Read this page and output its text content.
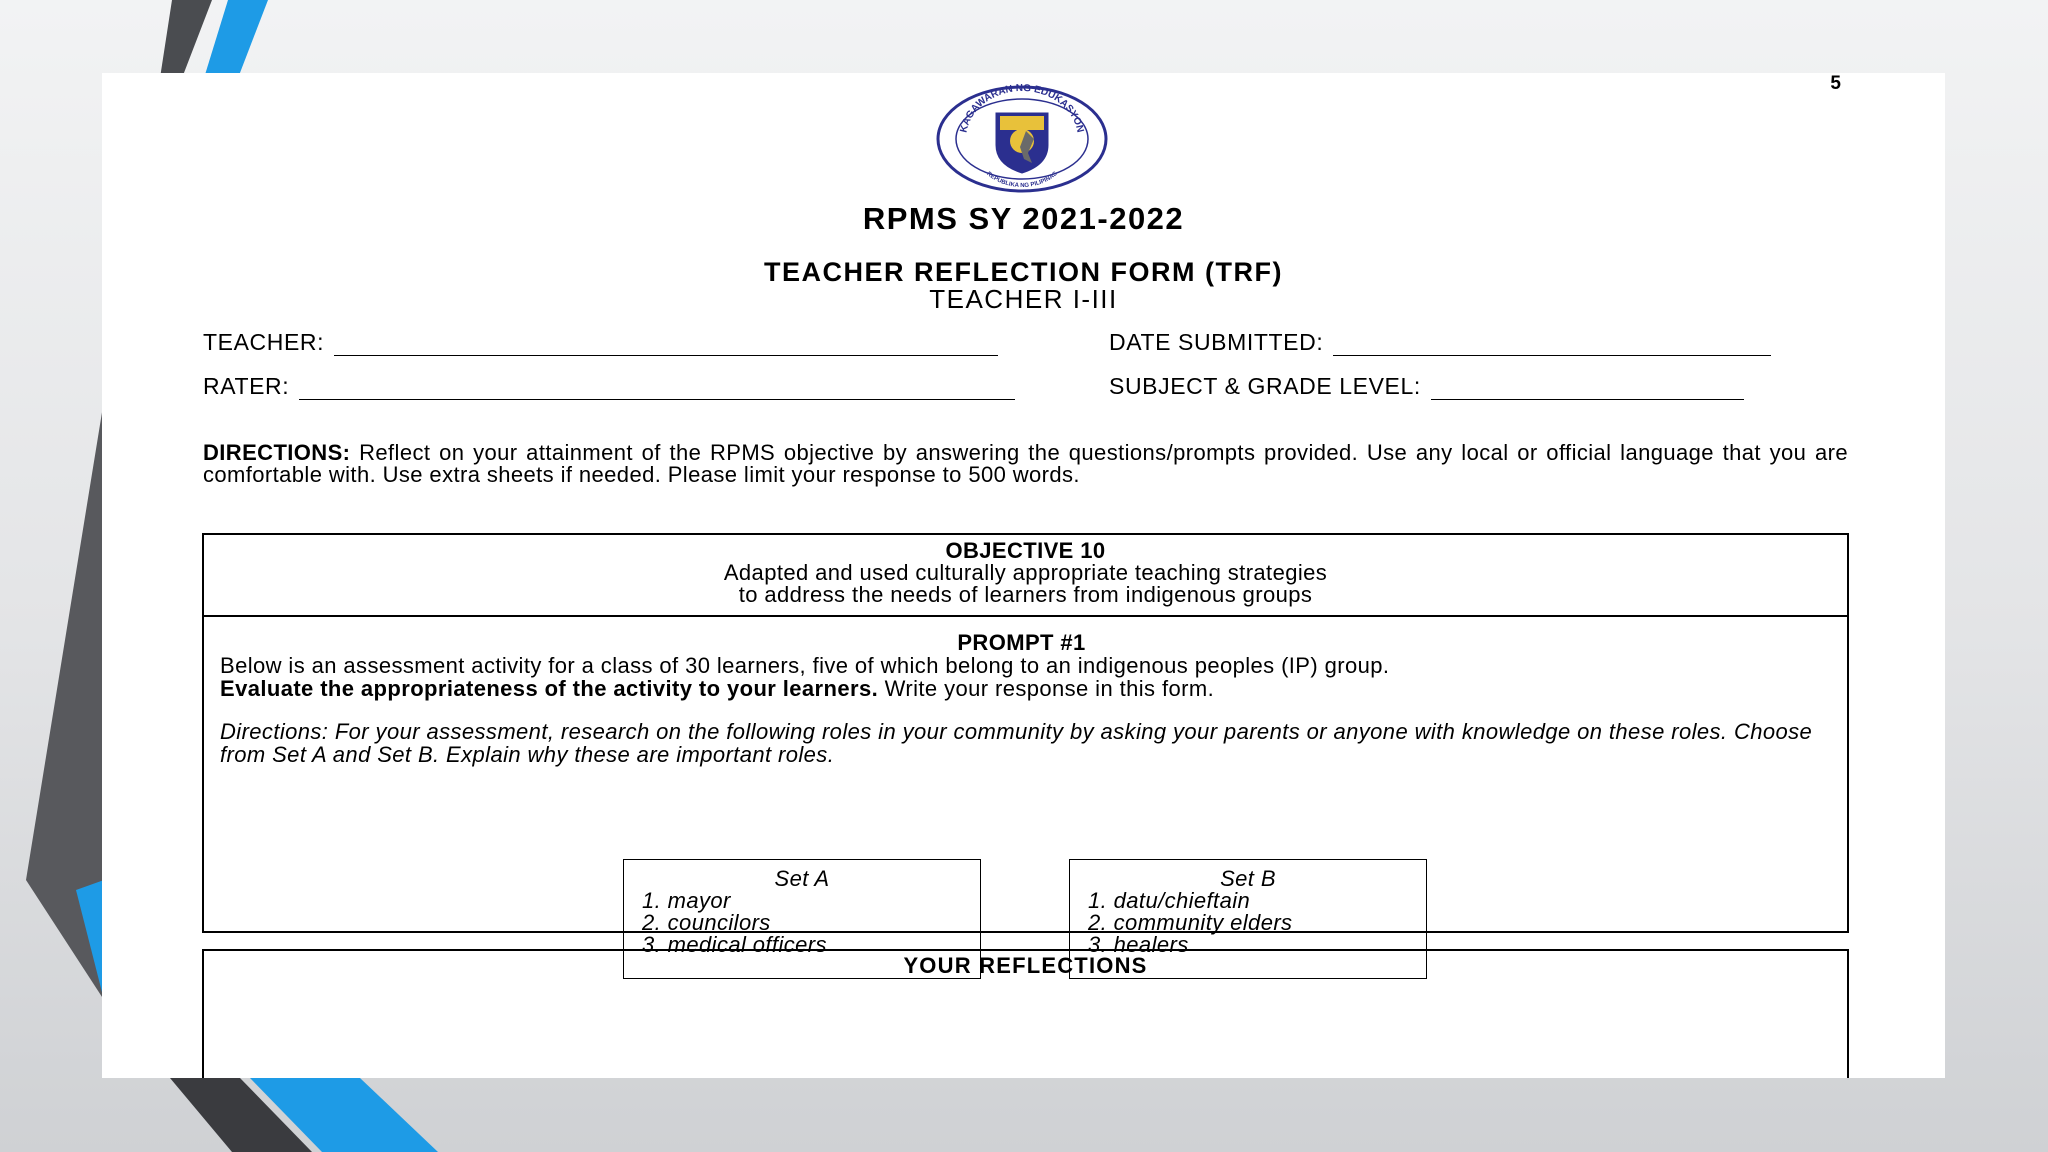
5
KAGAWARAN NG EDUKASYON
REPUBLIKA NG PILIPINAS
RPMS SY 2021-2022
TEACHER REFLECTION FORM (TRF)
TEACHER I-III
TEACHER:	DATE SUBMITTED:
RATER:	SUBJECT & GRADE LEVEL:
DIRECTIONS: Reflect on your attainment of the RPMS objective by answering the questions/prompts provided. Use any local or official language that you are comfortable with. Use extra sheets if needed. Please limit your response to 500 words.
OBJECTIVE 10
Adapted and used culturally appropriate teaching strategies
to address the needs of learners from indigenous groups
PROMPT #1
Below is an assessment activity for a class of 30 learners, five of which belong to an indigenous peoples (IP) group.
Evaluate the appropriateness of the activity to your learners. Write your response in this form.
Directions: For your assessment, research on the following roles in your community by asking your parents or anyone with knowledge on these roles. Choose from Set A and Set B. Explain why these are important roles.
Set A
1. mayor
2. councilors
3. medical officers
Set B
1. datu/chieftain
2. community elders
3. healers
YOUR REFLECTIONS
